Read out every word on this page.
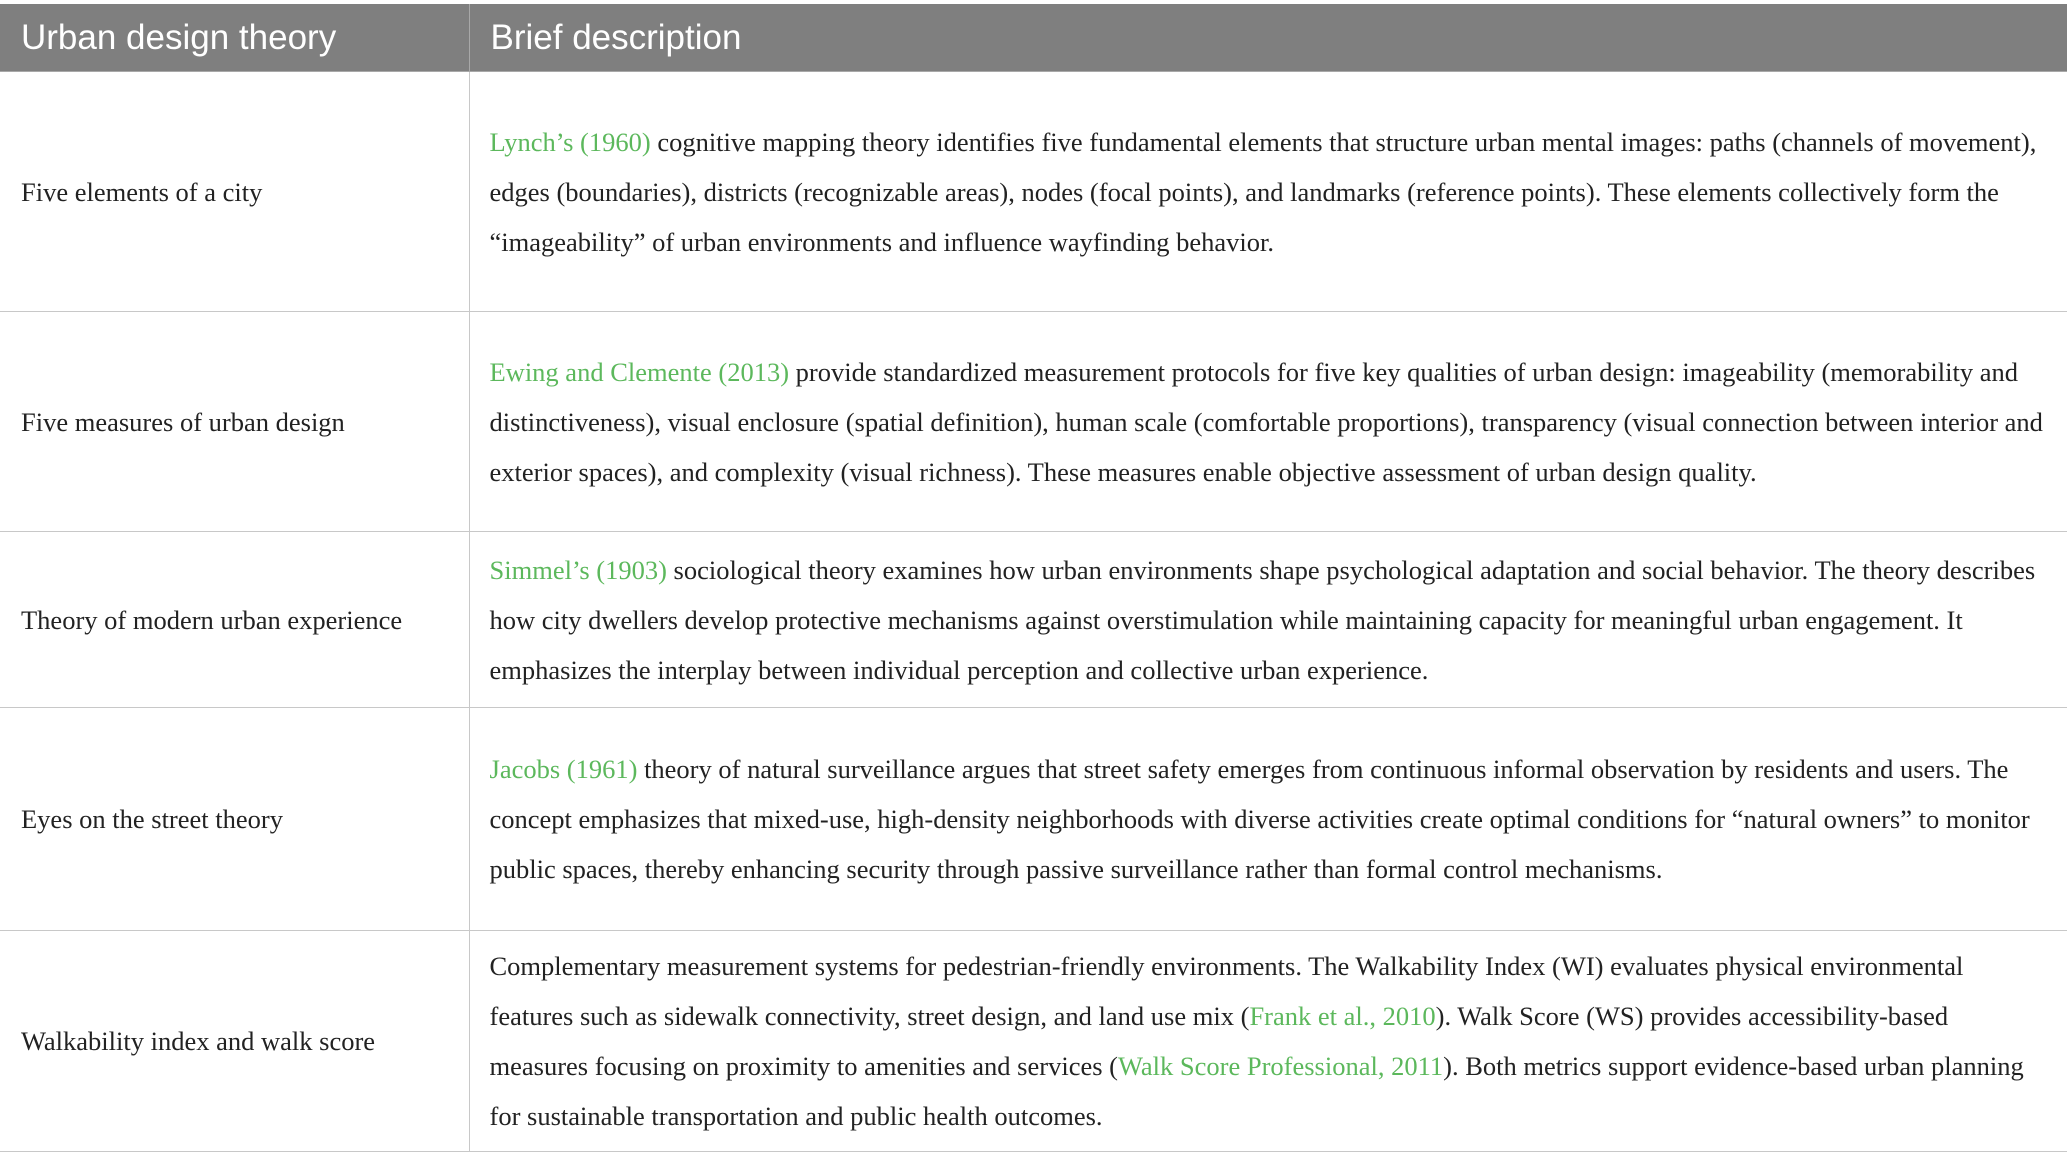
Urban design theory	Brief description
Five elements of a city	Lynch’s (1960) cognitive mapping theory identifies five fundamental elements that structure urban mental images: paths (channels of movement), edges (boundaries), districts (recognizable areas), nodes (focal points), and landmarks (reference points). These elements collectively form the “imageability” of urban environments and influence wayfinding behavior.
Five measures of urban design	Ewing and Clemente (2013) provide standardized measurement protocols for five key qualities of urban design: imageability (memorability and distinctiveness), visual enclosure (spatial definition), human scale (comfortable proportions), transparency (visual connection between interior and exterior spaces), and complexity (visual richness). These measures enable objective assessment of urban design quality.
Theory of modern urban experience	Simmel’s (1903) sociological theory examines how urban environments shape psychological adaptation and social behavior. The theory describes how city dwellers develop protective mechanisms against overstimulation while maintaining capacity for meaningful urban engagement. It emphasizes the interplay between individual perception and collective urban experience.
Eyes on the street theory	Jacobs (1961) theory of natural surveillance argues that street safety emerges from continuous informal observation by residents and users. The concept emphasizes that mixed-use, high-density neighborhoods with diverse activities create optimal conditions for “natural owners” to monitor public spaces, thereby enhancing security through passive surveillance rather than formal control mechanisms.
Walkability index and walk score	Complementary measurement systems for pedestrian-friendly environments. The Walkability Index (WI) evaluates physical environmental features such as sidewalk connectivity, street design, and land use mix (Frank et al., 2010). Walk Score (WS) provides accessibility-based measures focusing on proximity to amenities and services (Walk Score Professional, 2011). Both metrics support evidence-based urban planning for sustainable transportation and public health outcomes.
